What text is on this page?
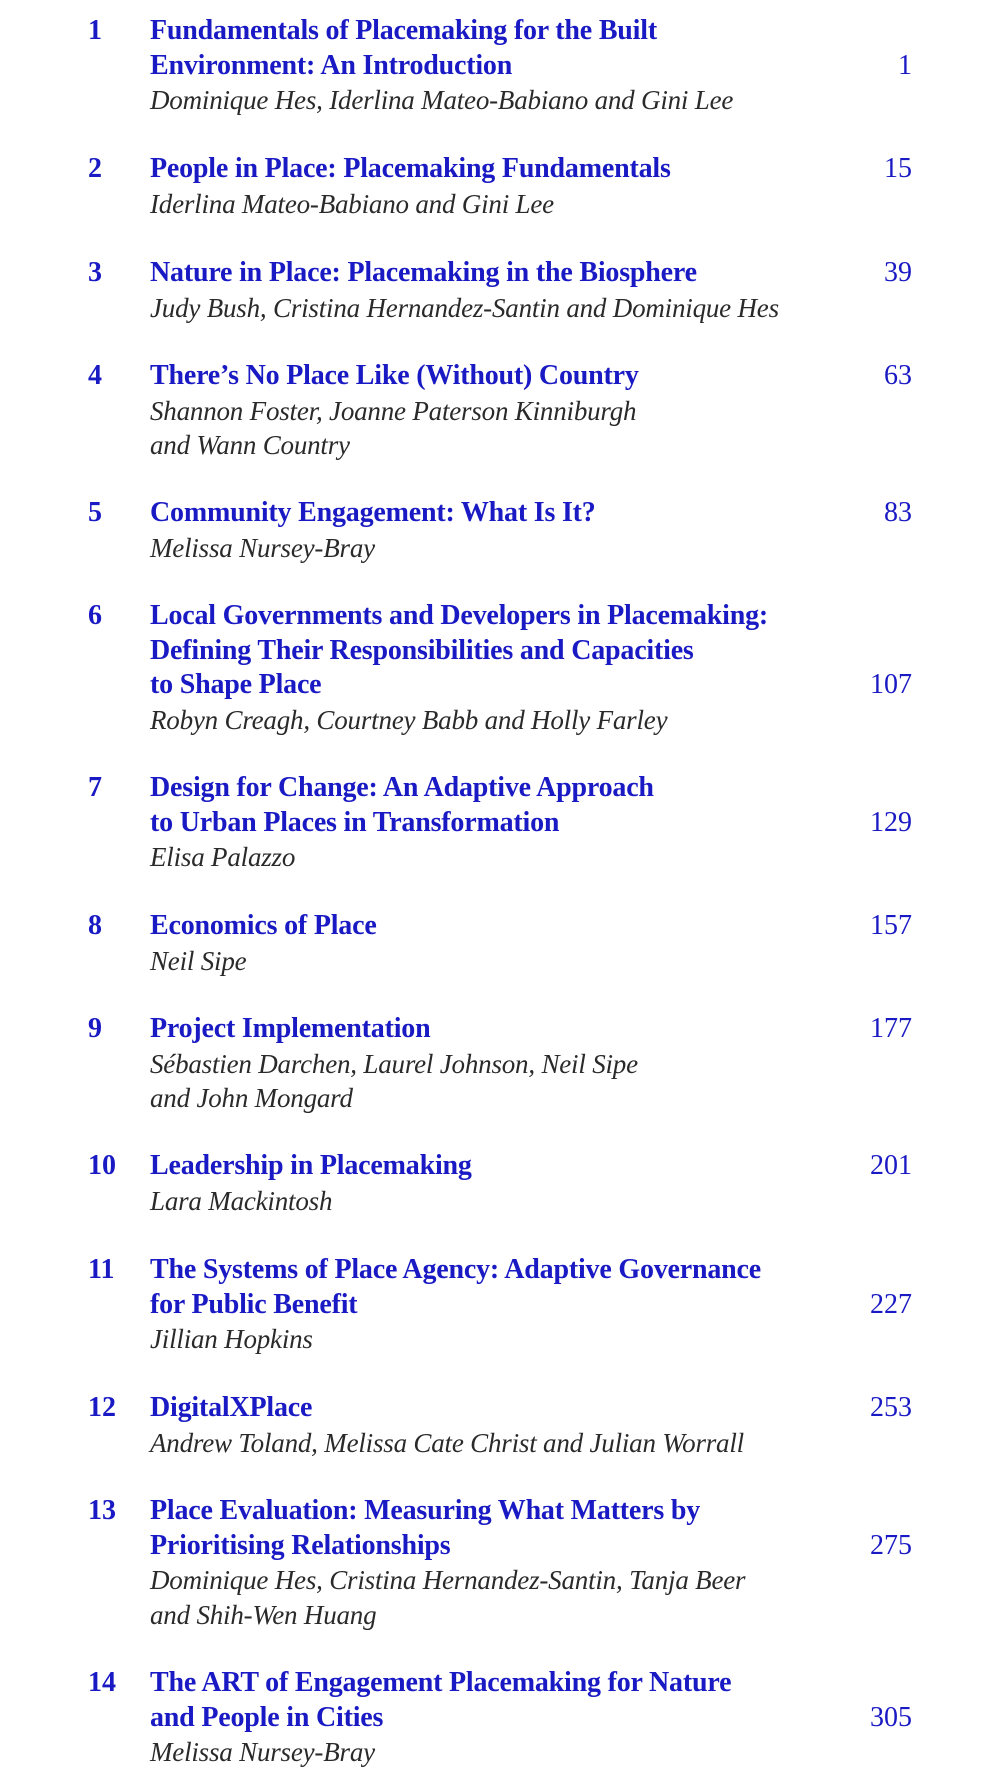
1 Fundamentals of Placemaking for the Built
Environment: An Introduction
Dominique Hes, Iderlina Mateo-Babiano and Gini Lee
1
2 People in Place: Placemaking Fundamentals
Iderlina Mateo-Babiano and Gini Lee
15
3 Nature in Place: Placemaking in the Biosphere
Judy Bush, Cristina Hernandez-Santin and Dominique Hes
39
4 There’s No Place Like (Without) Country
Shannon Foster, Joanne Paterson Kinniburgh
and Wann Country
63
5 Community Engagement: What Is It?
Melissa Nursey-Bray
83
6 Local Governments and Developers in Placemaking:
Defining Their Responsibilities and Capacities
to Shape Place
Robyn Creagh, Courtney Babb and Holly Farley
107
7 Design for Change: An Adaptive Approach
to Urban Places in Transformation
Elisa Palazzo
129
8 Economics of Place
Neil Sipe
157
9 Project Implementation
Sébastien Darchen, Laurel Johnson, Neil Sipe
and John Mongard
177
10 Leadership in Placemaking
Lara Mackintosh
201
11 The Systems of Place Agency: Adaptive Governance
for Public Benefit
Jillian Hopkins
227
12 DigitalXPlace
Andrew Toland, Melissa Cate Christ and Julian Worrall
253
13 Place Evaluation: Measuring What Matters by
Prioritising Relationships
Dominique Hes, Cristina Hernandez-Santin, Tanja Beer
and Shih-Wen Huang
275
14 The ART of Engagement Placemaking for Nature
and People in Cities
Melissa Nursey-Bray
305
